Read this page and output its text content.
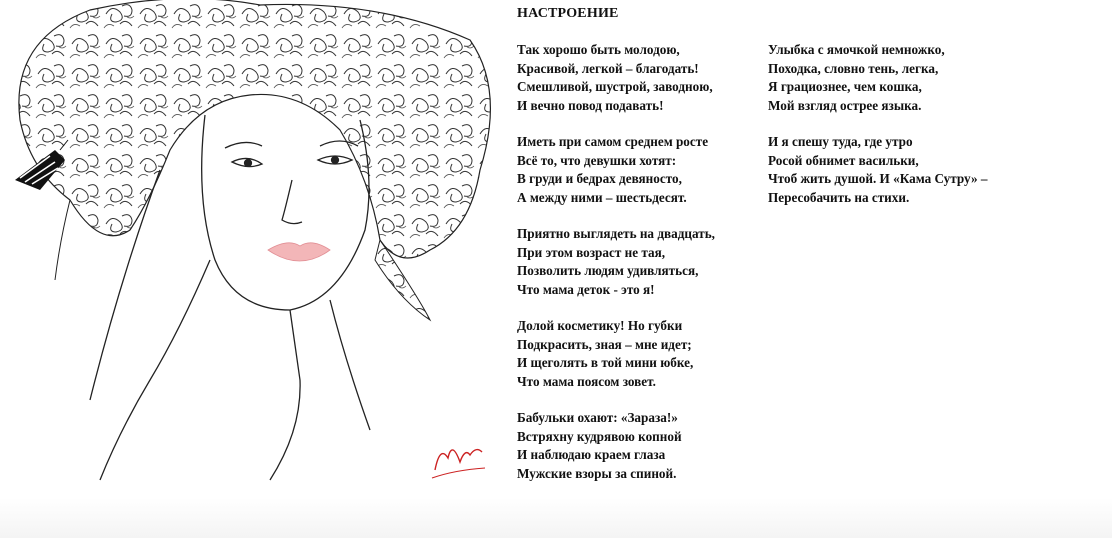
НАСТРОЕНИЕ
Так хорошо быть молодою,
Красивой, легкой – благодать!
Смешливой, шустрой, заводною,
И вечно повод подавать!
Иметь при самом среднем росте
Всё то, что девушки хотят:
В груди и бедрах девяносто,
А между ними – шестьдесят.
Приятно выглядеть на двадцать,
При этом возраст не тая,
Позволить людям удивляться,
Что мама деток - это я!
Долой косметику! Но губки
Подкрасить, зная – мне идет;
И щеголять в той мини юбке,
Что мама поясом зовет.
Бабульки охают: «Зараза!»
Встряхну кудрявою копной
И наблюдаю краем глаза
Мужские взоры за спиной.
Улыбка с ямочкой немножко,
Походка, словно тень, легка,
Я грациознее, чем кошка,
Мой взгляд острее языка.
И я спешу туда, где утро
Росой обнимет васильки,
Чтоб жить душой. И «Кама Сутру» –
Пересобачить на стихи.
